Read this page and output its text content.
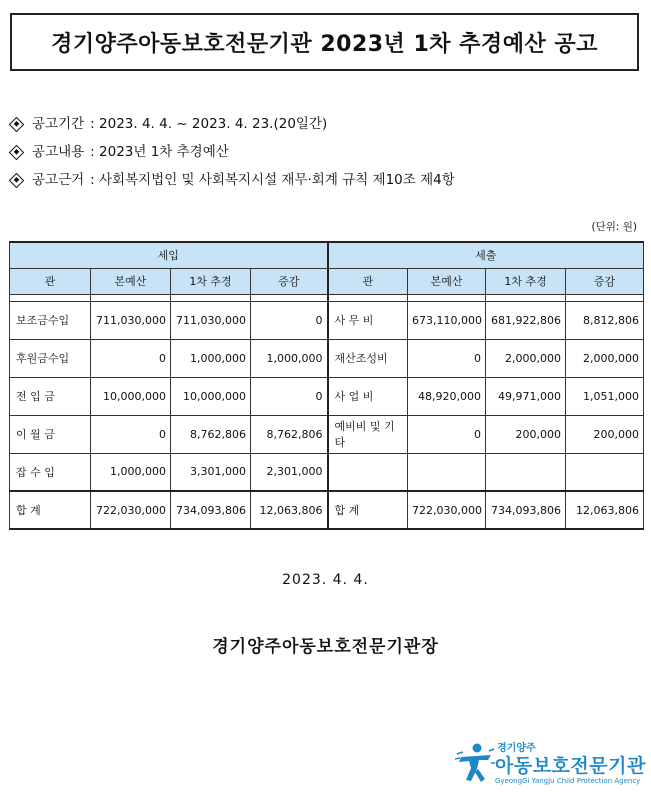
경기양주아동보호전문기관 2023년 1차 추경예산 공고
공고기간 : 2023. 4. 4. ~ 2023. 4. 23.(20일간)
공고내용 : 2023년 1차 추경예산
공고근거 : 사회복지법인 및 사회복지시설 재무·회계 규칙 제10조 제4항
(단위: 원)
세입				세출			
관	본예산	1차 추경	증감	관	본예산	1차 추경	증감

보조금수입	711,030,000	711,030,000	0	사 무 비	673,110,000	681,922,806	8,812,806
후원금수입	0	1,000,000	1,000,000	재산조성비	0	2,000,000	2,000,000
전 입 금	10,000,000	10,000,000	0	사 업 비	48,920,000	49,971,000	1,051,000
이 월 금	0	8,762,806	8,762,806	예비비 및 기타	0	200,000	200,000
잡 수 입	1,000,000	3,301,000	2,301,000				
합 계	722,030,000	734,093,806	12,063,806	합 계	722,030,000	734,093,806	12,063,806
2023. 4. 4.
경기양주아동보호전문기관장
경기양주
아동보호전문기관
GyeongGi YangJu Child Protection Agency
